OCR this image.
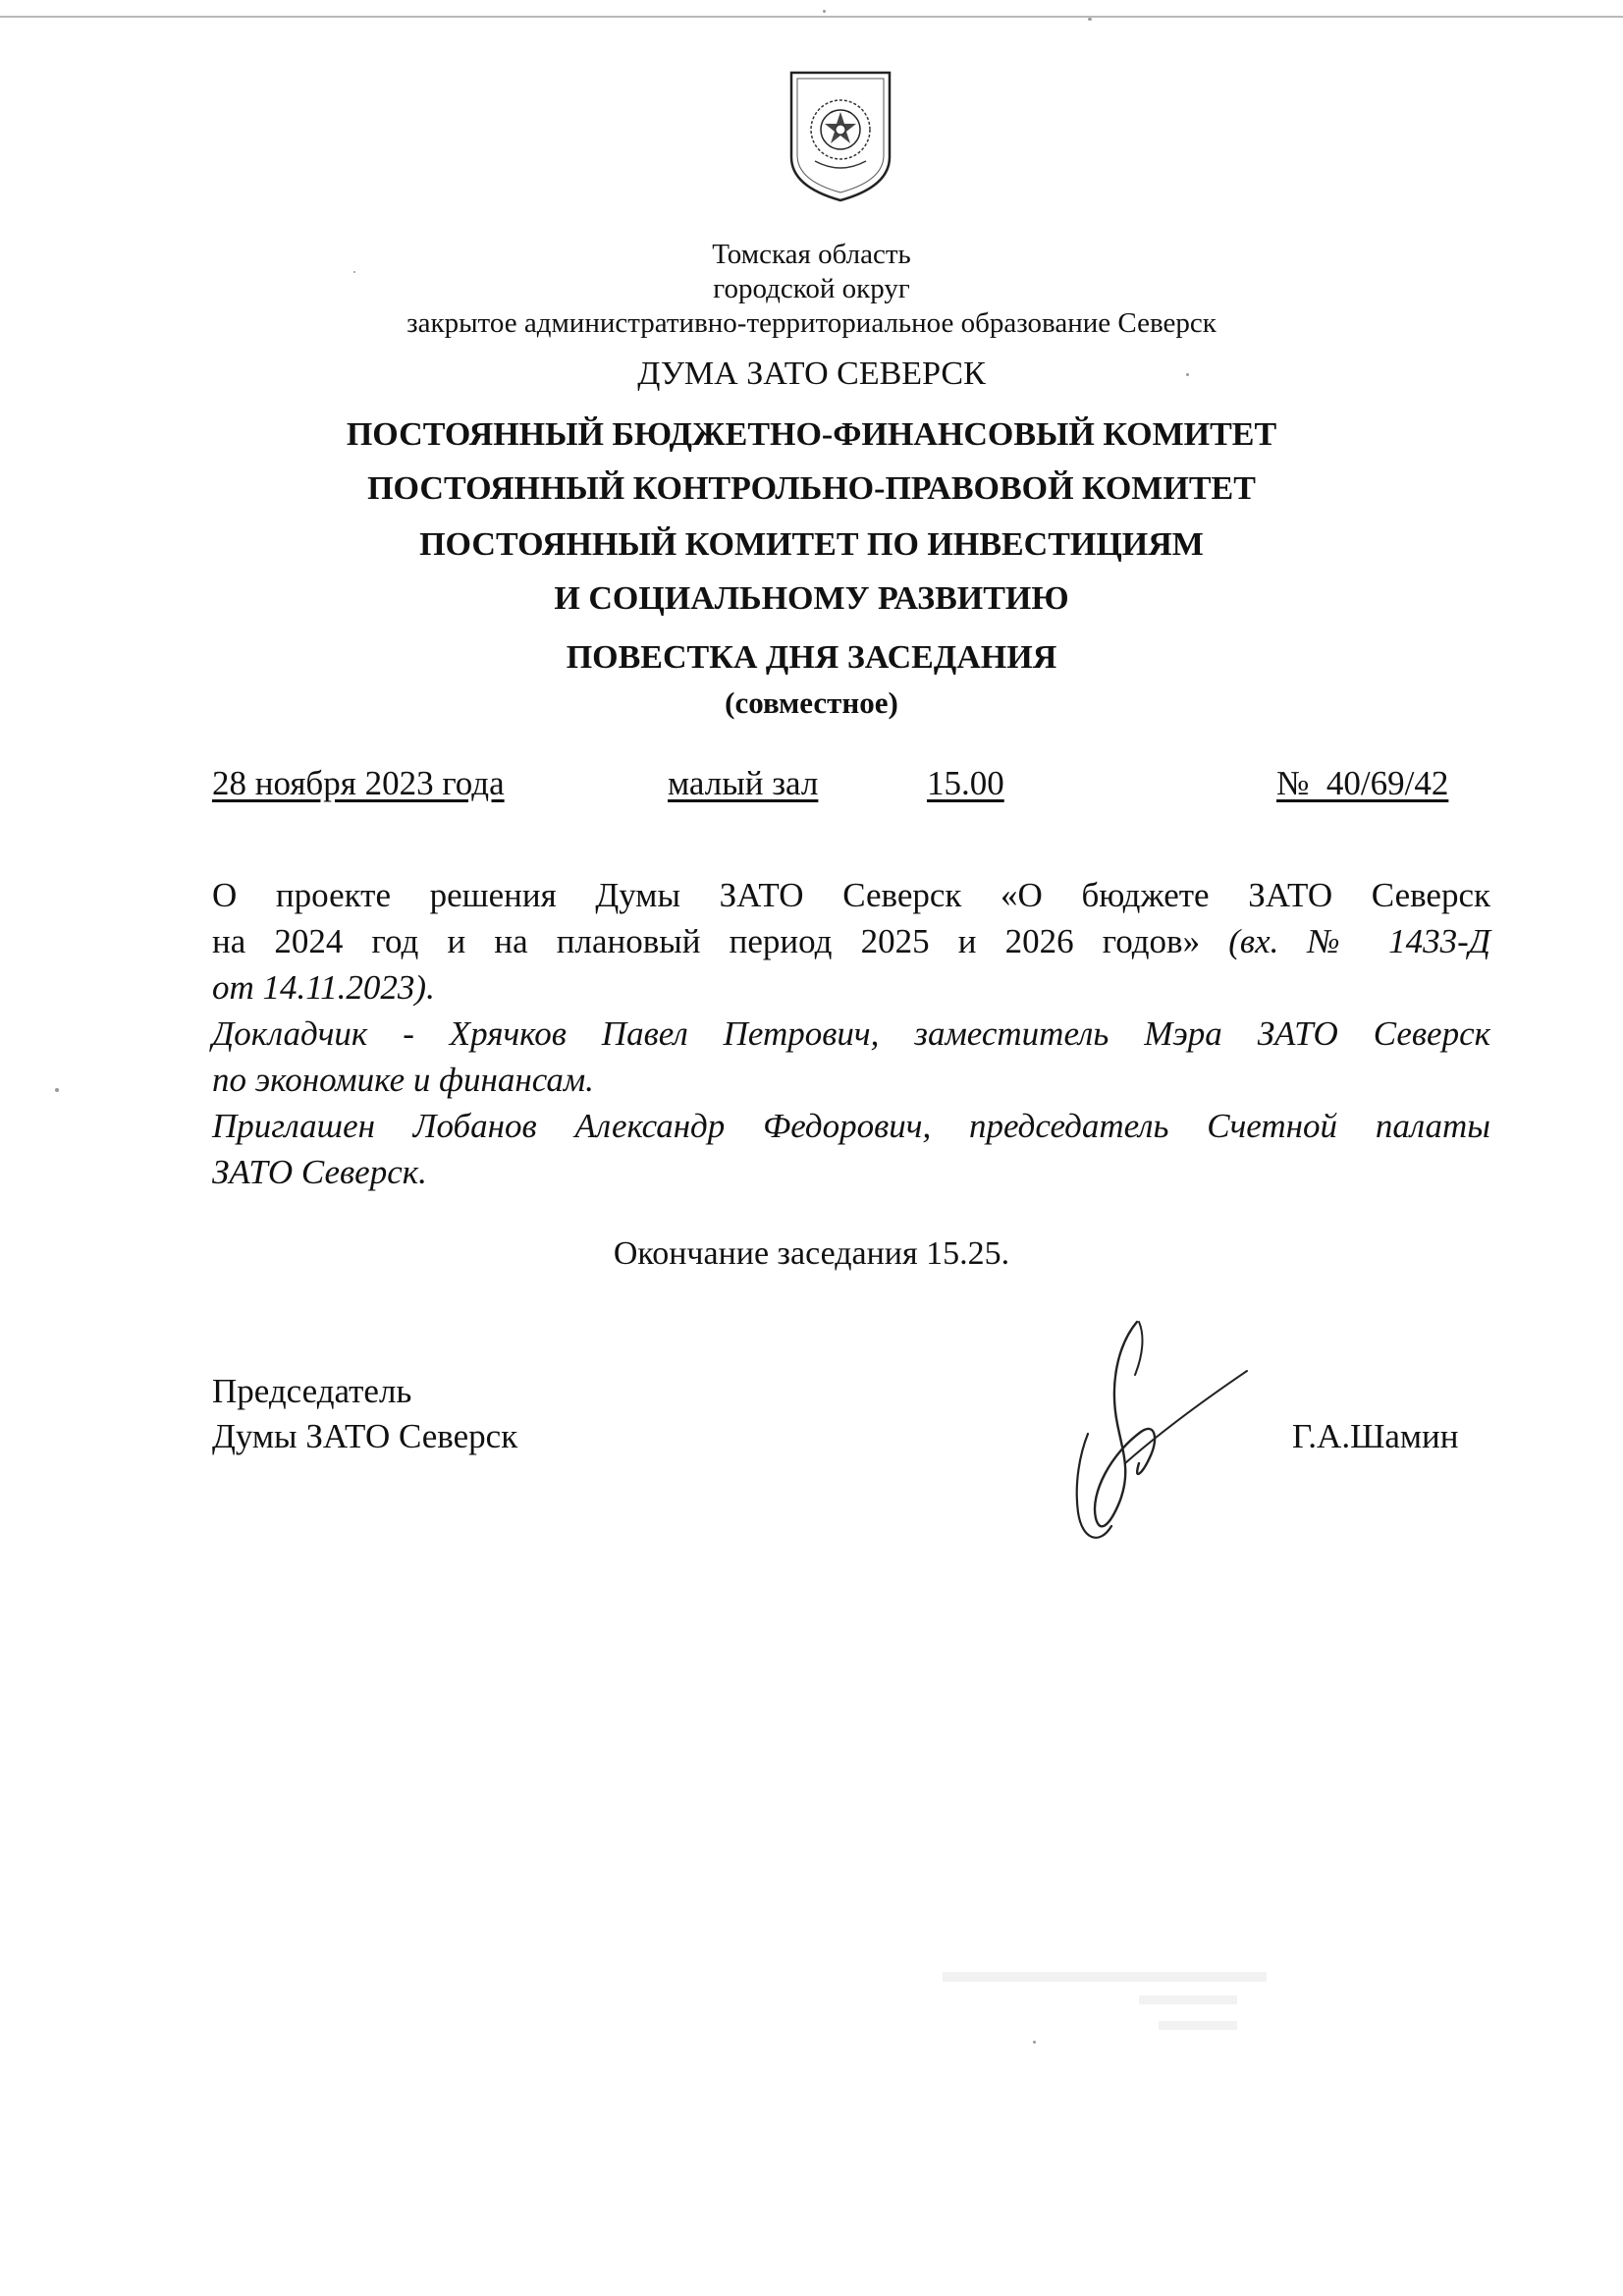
Томская область
городской округ
закрытое административно-территориальное образование Северск
ДУМА ЗАТО СЕВЕРСК
ПОСТОЯННЫЙ БЮДЖЕТНО-ФИНАНСОВЫЙ КОМИТЕТ
ПОСТОЯННЫЙ КОНТРОЛЬНО-ПРАВОВОЙ КОМИТЕТ
ПОСТОЯННЫЙ КОМИТЕТ ПО ИНВЕСТИЦИЯМ
И СОЦИАЛЬНОМУ РАЗВИТИЮ
ПОВЕСТКА ДНЯ ЗАСЕДАНИЯ
(совместное)
28 ноября 2023 года	малый зал	15.00	№  40/69/42
О проекте решения Думы ЗАТО Северск «О бюджете ЗАТО Северск
на 2024 год и на плановый период 2025 и 2026 годов» (вх. № 1433-Д
от 14.11.2023).
Докладчик - Хрячков Павел Петрович, заместитель Мэра ЗАТО Северск
по экономике и финансам.
Приглашен Лобанов Александр Федорович, председатель Счетной палаты
ЗАТО Северск.
Окончание заседания 15.25.
Председатель
Думы ЗАТО Северск	Г.А.Шамин
